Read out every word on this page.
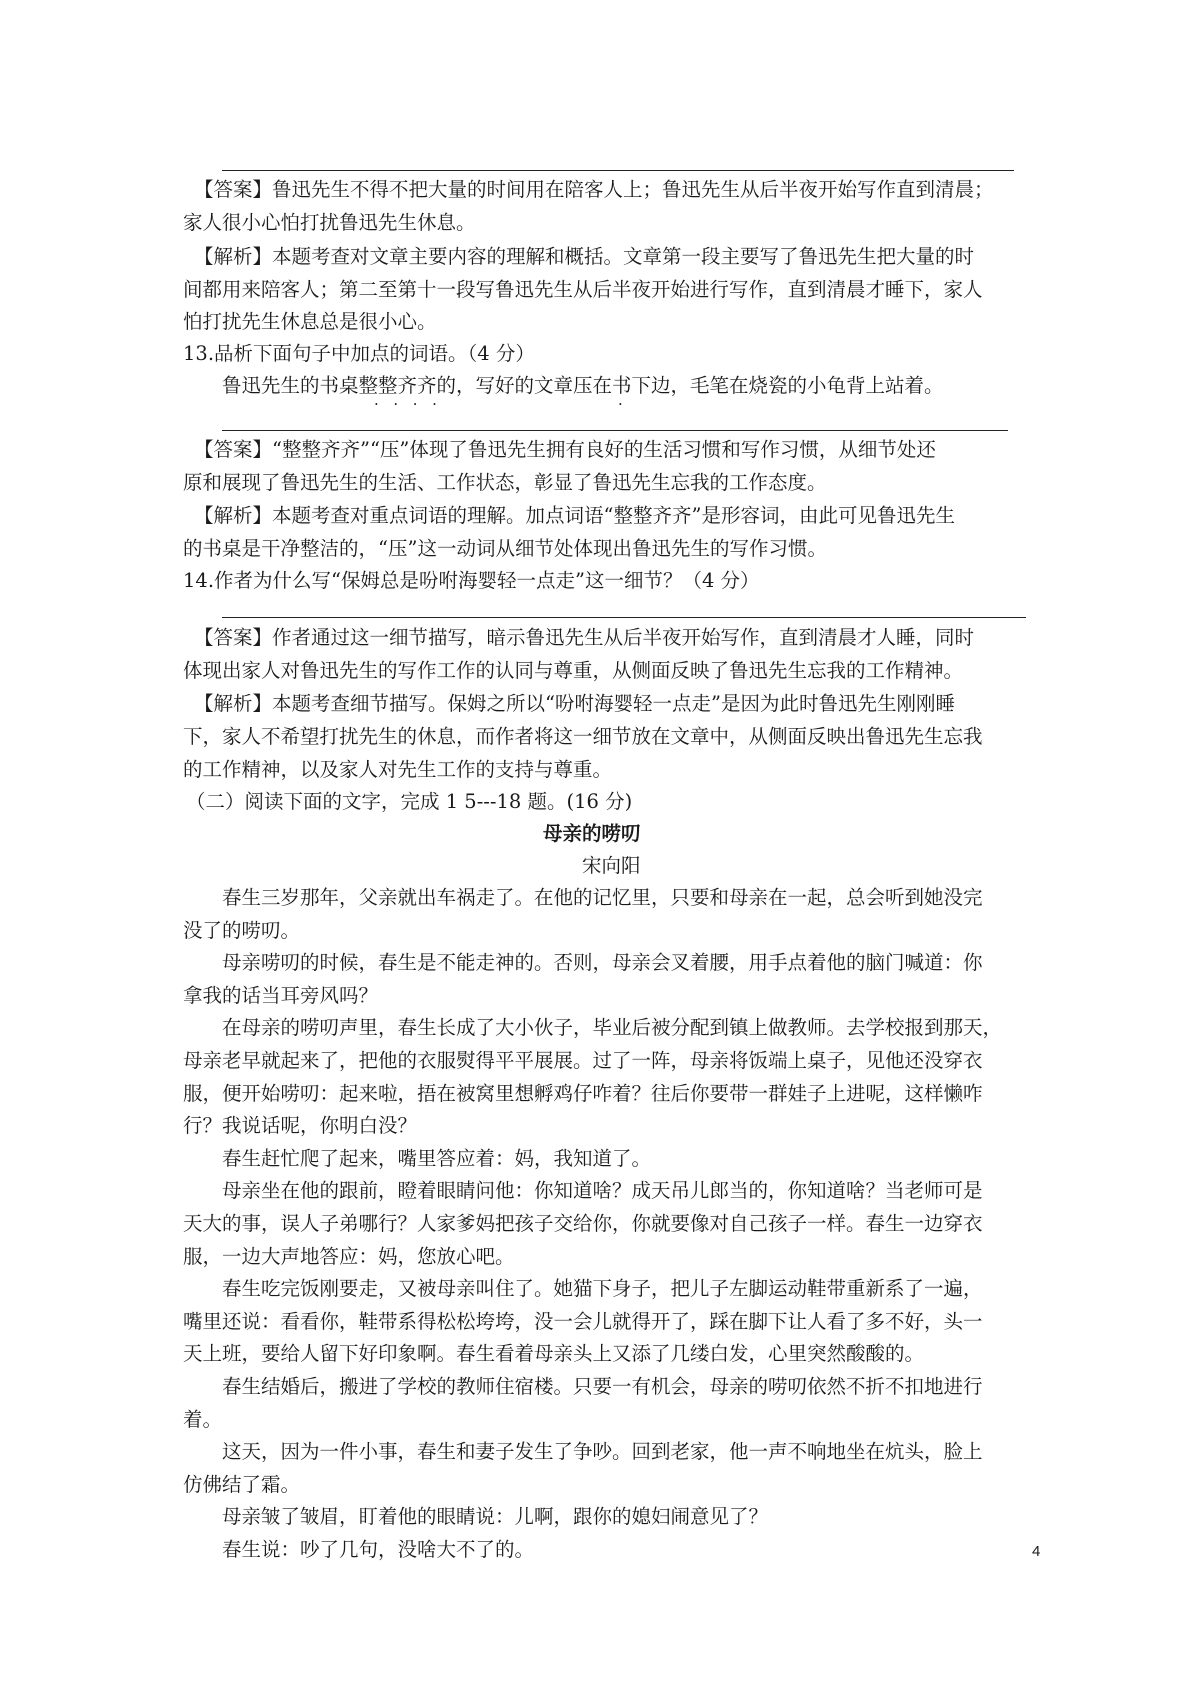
【答案】鲁迅先生不得不把大量的时间用在陪客人上；鲁迅先生从后半夜开始写作直到清晨；
家人很小心怕打扰鲁迅先生休息。
【解析】本题考查对文章主要内容的理解和概括。文章第一段主要写了鲁迅先生把大量的时
间都用来陪客人；第二至第十一段写鲁迅先生从后半夜开始进行写作，直到清晨才睡下，家人
怕打扰先生休息总是很小心。
13.品析下面句子中加点的词语。（4 分）
鲁迅先生的书桌整整齐齐的，写好的文章压在书下边，毛笔在烧瓷的小龟背上站着。
····	·
【答案】“整整齐齐”“压”体现了鲁迅先生拥有良好的生活习惯和写作习惯，从细节处还
原和展现了鲁迅先生的生活、工作状态，彰显了鲁迅先生忘我的工作态度。
【解析】本题考查对重点词语的理解。加点词语“整整齐齐”是形容词，由此可见鲁迅先生
的书桌是干净整洁的，“压”这一动词从细节处体现出鲁迅先生的写作习惯。
14.作者为什么写“保姆总是吩咐海婴轻一点走”这一细节？（4 分）
【答案】作者通过这一细节描写，暗示鲁迅先生从后半夜开始写作，直到清晨才人睡，同时
体现出家人对鲁迅先生的写作工作的认同与尊重，从侧面反映了鲁迅先生忘我的工作精神。
【解析】本题考查细节描写。保姆之所以“吩咐海婴轻一点走”是因为此时鲁迅先生刚刚睡
下，家人不希望打扰先生的休息，而作者将这一细节放在文章中，从侧面反映出鲁迅先生忘我
的工作精神，以及家人对先生工作的支持与尊重。
（二）阅读下面的文字，完成 1 5---18 题。(16 分)
母亲的唠叨
宋向阳
春生三岁那年，父亲就出车祸走了。在他的记忆里，只要和母亲在一起，总会听到她没完
没了的唠叨。
母亲唠叨的时候，春生是不能走神的。否则，母亲会叉着腰，用手点着他的脑门喊道：你
拿我的话当耳旁风吗？
在母亲的唠叨声里，春生长成了大小伙子，毕业后被分配到镇上做教师。去学校报到那天，
母亲老早就起来了，把他的衣服熨得平平展展。过了一阵，母亲将饭端上桌子，见他还没穿衣
服，便开始唠叨：起来啦，捂在被窝里想孵鸡仔咋着？往后你要带一群娃子上进呢，这样懒咋
行？我说话呢，你明白没？
春生赶忙爬了起来，嘴里答应着：妈，我知道了。
母亲坐在他的跟前，瞪着眼睛问他：你知道啥？成天吊儿郎当的，你知道啥？当老师可是
天大的事，误人子弟哪行？人家爹妈把孩子交给你，你就要像对自己孩子一样。春生一边穿衣
服，一边大声地答应：妈，您放心吧。
春生吃完饭刚要走，又被母亲叫住了。她猫下身子，把儿子左脚运动鞋带重新系了一遍，
嘴里还说：看看你，鞋带系得松松垮垮，没一会儿就得开了，踩在脚下让人看了多不好，头一
天上班，要给人留下好印象啊。春生看着母亲头上又添了几缕白发，心里突然酸酸的。
春生结婚后，搬进了学校的教师住宿楼。只要一有机会，母亲的唠叨依然不折不扣地进行
着。
这天，因为一件小事，春生和妻子发生了争吵。回到老家，他一声不响地坐在炕头，脸上
仿佛结了霜。
母亲皱了皱眉，盯着他的眼睛说：儿啊，跟你的媳妇闹意见了？
春生说：吵了几句，没啥大不了的。	4
